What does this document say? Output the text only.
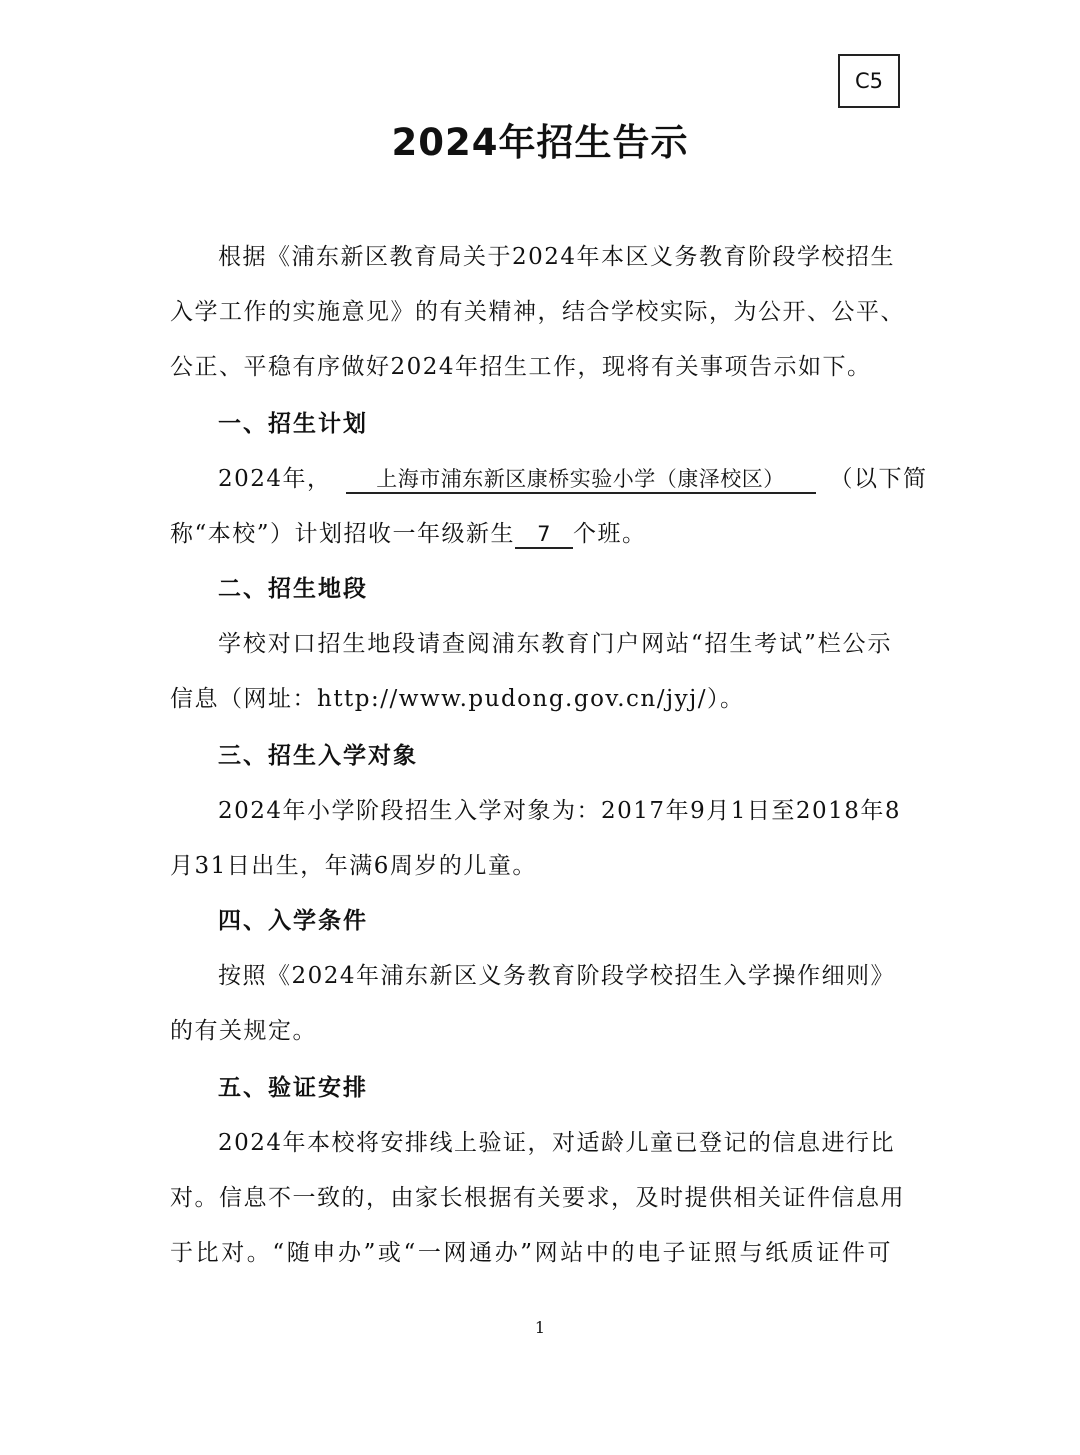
C5
2024年招生告示
根据《浦东新区教育局关于2024年本区义务教育阶段学校招生
入学工作的实施意见》的有关精神，结合学校实际，为公开、公平、
公正、平稳有序做好2024年招生工作，现将有关事项告示如下。
一、招生计划
2024年， 上海市浦东新区康桥实验小学（康泽校区） （以下简
称“本校”）计划招收一年级新生 7 个班。
二、招生地段
学校对口招生地段请查阅浦东教育门户网站“招生考试”栏公示
信息（网址：http://www.pudong.gov.cn/jyj/）。
三、招生入学对象
2024年小学阶段招生入学对象为：2017年9月1日至2018年8
月31日出生，年满6周岁的儿童。
四、入学条件
按照《2024年浦东新区义务教育阶段学校招生入学操作细则》
的有关规定。
五、验证安排
2024年本校将安排线上验证，对适龄儿童已登记的信息进行比
对。信息不一致的，由家长根据有关要求，及时提供相关证件信息用
于比对。“随申办”或“一网通办”网站中的电子证照与纸质证件可
1
